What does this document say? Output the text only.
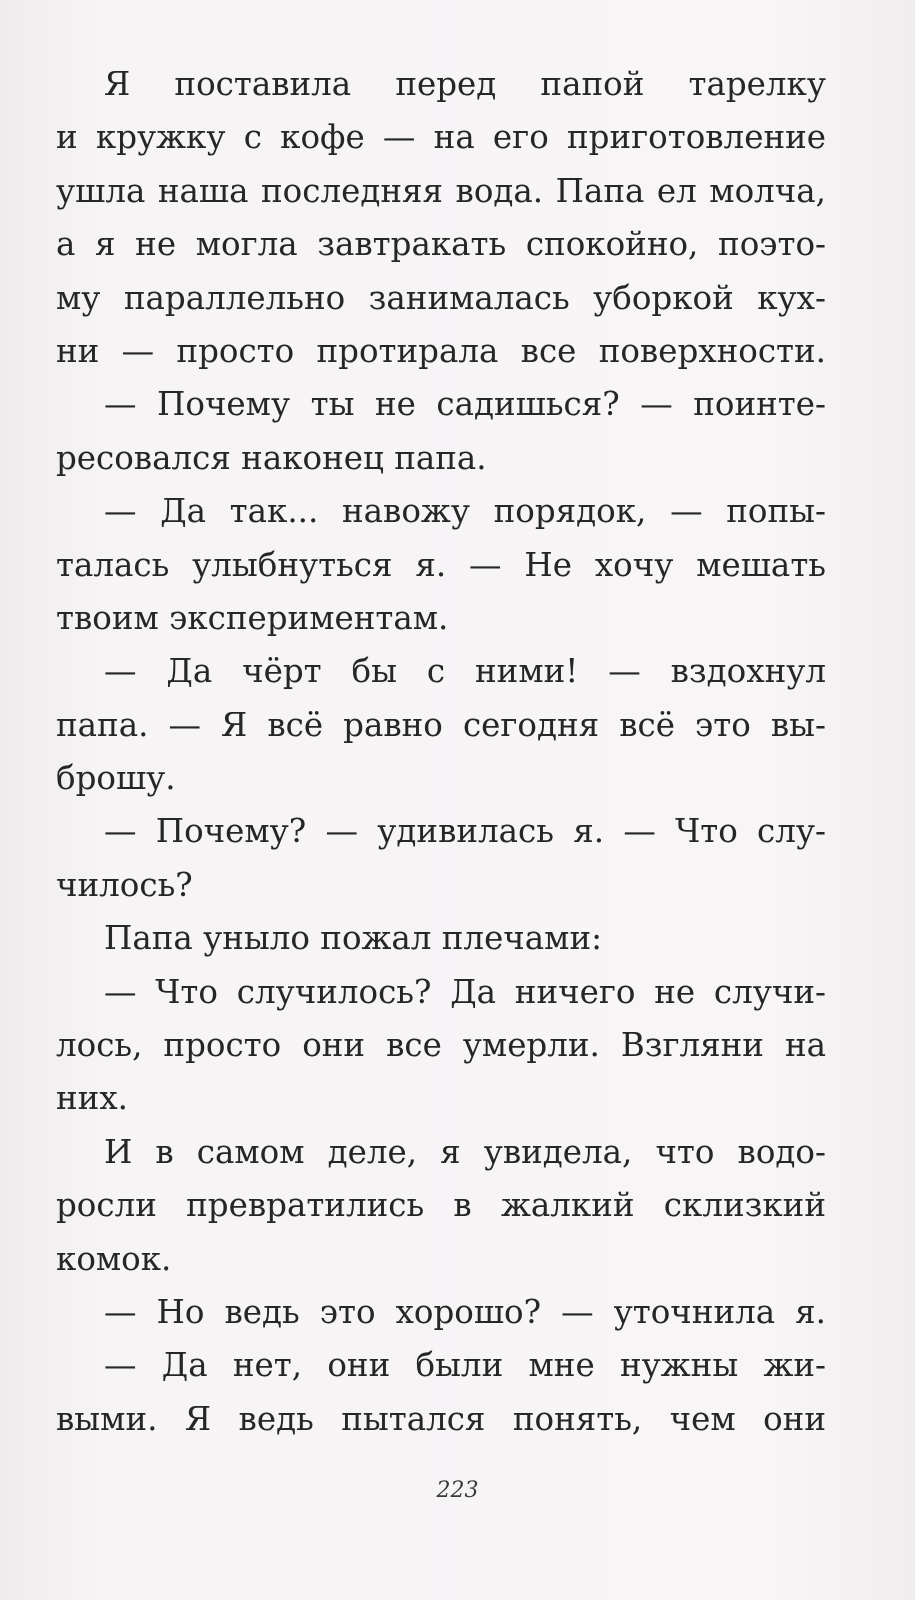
Я поставила перед папой тарелку
и кружку с кофе — на его приготовление
ушла наша последняя вода. Папа ел молча,
а я не могла завтракать спокойно, поэто-
му параллельно занималась уборкой кух-
ни — просто протирала все поверхности.
— Почему ты не садишься? — поинте-
ресовался наконец папа.
— Да так... навожу порядок, — попы-
талась улыбнуться я. — Не хочу мешать
твоим экспериментам.
— Да чёрт бы с ними! — вздохнул
папа. — Я всё равно сегодня всё это вы-
брошу.
— Почему? — удивилась я. — Что слу-
чилось?
Папа уныло пожал плечами:
— Что случилось? Да ничего не случи-
лось, просто они все умерли. Взгляни на
них.
И в самом деле, я увидела, что водо-
росли превратились в жалкий склизкий
комок.
— Но ведь это хорошо? — уточнила я.
— Да нет, они были мне нужны жи-
выми. Я ведь пытался понять, чем они
223
